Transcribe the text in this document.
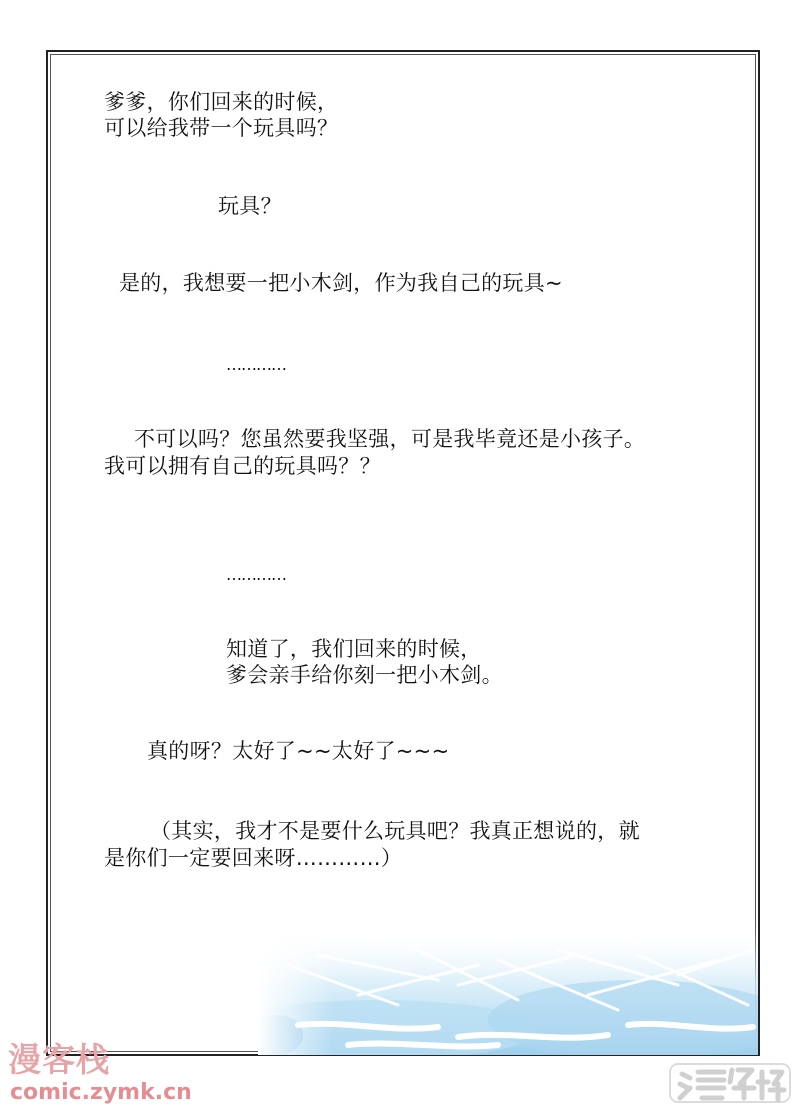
爹爹，你们回来的时候，
可以给我带一个玩具吗？
玩具？
是的，我想要一把小木剑，作为我自己的玩具~
…………
不可以吗？您虽然要我坚强，可是我毕竟还是小孩子。
我可以拥有自己的玩具吗？？
…………
知道了，我们回来的时候，
爹会亲手给你刻一把小木剑。
真的呀？太好了~~太好了~~~
（其实，我才不是要什么玩具吧？我真正想说的，就
是你们一定要回来呀…………）
漫客栈
comic.zymk.cn
